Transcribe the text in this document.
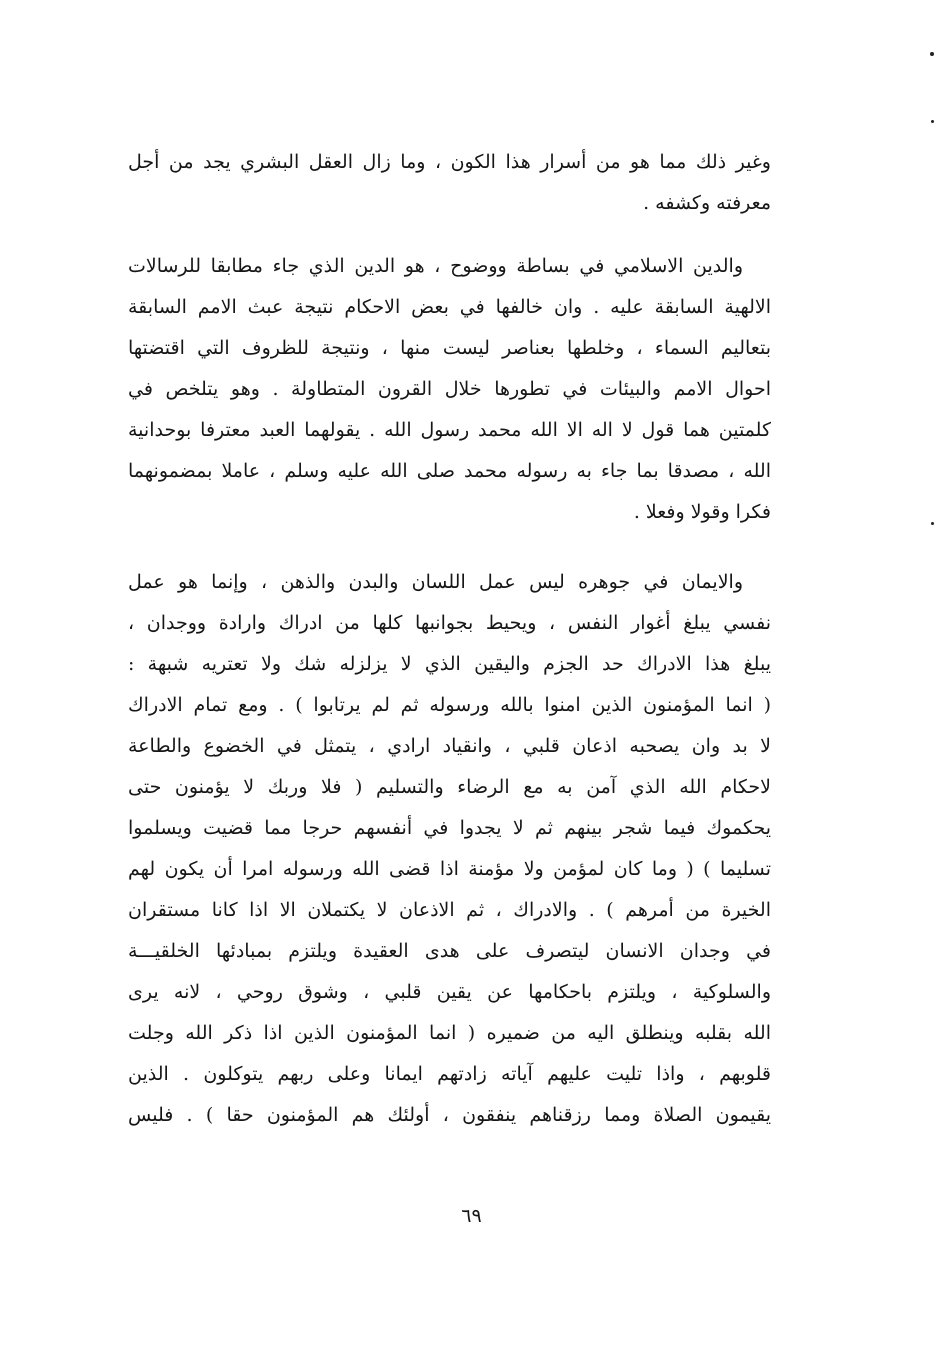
وغير ذلك مما هو من أسرار هذا الكون ، وما زال العقل البشري يجد من أجل
معرفته وكشفه .
والدين الاسلامي في بساطة ووضوح ، هو الدين الذي جاء مطابقا للرسالات
الالهية السابقة عليه . وان خالفها في بعض الاحكام نتيجة عبث الامم السابقة
بتعاليم السماء ، وخلطها بعناصر ليست منها ، ونتيجة للظروف التي اقتضتها
احوال الامم والبيئات في تطورها خلال القرون المتطاولة . وهو يتلخص في
كلمتين هما قول لا اله الا الله محمد رسول الله . يقولهما العبد معترفا بوحدانية
الله ، مصدقا بما جاء به رسوله محمد صلى الله عليه وسلم ، عاملا بمضمونهما
فكرا وقولا وفعلا .
والايمان في جوهره ليس عمل اللسان والبدن والذهن ، وإنما هو عمل
نفسي يبلغ أغوار النفس ، ويحيط بجوانبها كلها من ادراك وارادة ووجدان ،
يبلغ هذا الادراك حد الجزم واليقين الذي لا يزلزله شك ولا تعتريه شبهة :
( انما المؤمنون الذين امنوا بالله ورسوله ثم لم يرتابوا ) . ومع تمام الادراك
لا بد وان يصحبه اذعان قلبي ، وانقياد ارادي ، يتمثل في الخضوع والطاعة
لاحكام الله الذي آمن به مع الرضاء والتسليم ( فلا وربك لا يؤمنون حتى
يحكموك فيما شجر بينهم ثم لا يجدوا في أنفسهم حرجا مما قضيت ويسلموا
تسليما ) ( وما كان لمؤمن ولا مؤمنة اذا قضى الله ورسوله امرا أن يكون لهم
الخيرة من أمرهم ) . والادراك ، ثم الاذعان لا يكتملان الا اذا كانا مستقران
في وجدان الانسان ليتصرف على هدى العقيدة ويلتزم بمبادئها الخلقيـــة
والسلوكية ، ويلتزم باحكامها عن يقين قلبي ، وشوق روحي ، لانه يرى
الله بقلبه وينطلق اليه من ضميره ( انما المؤمنون الذين اذا ذكر الله وجلت
قلوبهم ، واذا تليت عليهم آياته زادتهم ايمانا وعلى ربهم يتوكلون . الذين
يقيمون الصلاة ومما رزقناهم ينفقون ، أولئك هم المؤمنون حقا ) . فليس
٦٩
